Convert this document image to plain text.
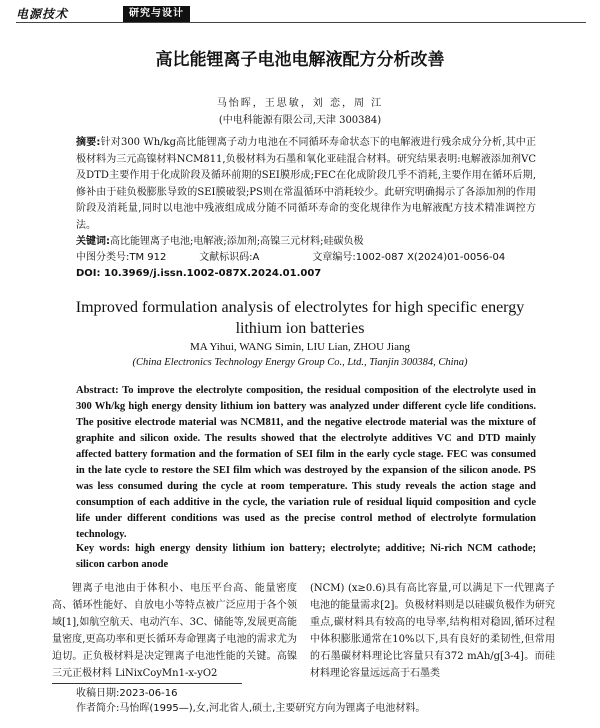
电源技术	研究与设计
高比能锂离子电池电解液配方分析改善
马怡晖，王思敏，刘 恋，周 江
(中电科能源有限公司,天津 300384)
摘要:针对300 Wh/kg高比能锂离子动力电池在不同循环寿命状态下的电解液进行残余成分分析,其中正极材料为三元高镍材料NCM811,负极材料为石墨和氧化亚硅混合材料。研究结果表明:电解液添加剂VC及DTD主要作用于化成阶段及循环前期的SEI膜形成;FEC在化成阶段几乎不消耗,主要作用在循环后期,修补由于硅负极膨胀导致的SEI膜破裂;PS则在常温循环中消耗较少。此研究明确揭示了各添加剂的作用阶段及消耗量,同时以电池中残液组成成分随不同循环寿命的变化规律作为电解液配方技术精准调控方法。
关键词:高比能锂离子电池;电解液;添加剂;高镍三元材料;硅碳负极
中图分类号:TM 912	文献标识码:A	文章编号:1002-087 X(2024)01-0056-04
DOI: 10.3969/j.issn.1002-087X.2024.01.007
Improved formulation analysis of electrolytes for high specific energy lithium ion batteries
MA Yihui, WANG Simin, LIU Lian, ZHOU Jiang
(China Electronics Technology Energy Group Co., Ltd., Tianjin 300384, China)
Abstract: To improve the electrolyte composition, the residual composition of the electrolyte used in 300 Wh/kg high energy density lithium ion battery was analyzed under different cycle life conditions. The positive electrode material was NCM811, and the negative electrode material was the mixture of graphite and silicon oxide. The results showed that the electrolyte additives VC and DTD mainly affected battery formation and the formation of SEI film in the early cycle stage. FEC was consumed in the late cycle to restore the SEI film which was destroyed by the expansion of the silicon anode. PS was less consumed during the cycle at room temperature. This study reveals the action stage and consumption of each additive in the cycle, the variation rule of residual liquid composition and cycle life under different conditions was used as the precise control method of electrolyte formulation technology.
Key words: high energy density lithium ion battery; electrolyte; additive; Ni-rich NCM cathode; silicon carbon anode
锂离子电池由于体积小、电压平台高、能量密度高、循环性能好、自放电小等特点被广泛应用于各个领域[1],如航空航天、电动汽车、3C、储能等,发展更高能量密度,更高功率和更长循环寿命锂离子电池的需求尤为迫切。正负极材料是决定锂离子电池性能的关键。高镍三元正极材料 LiNixCoyMn1-x-yO2
(NCM) (x≥0.6)具有高比容量,可以满足下一代锂离子电池的能量需求[2]。负极材料则是以硅碳负极作为研究重点,碳材料具有较高的电导率,结构相对稳固,循环过程中体积膨胀通常在10%以下,具有良好的柔韧性,但常用的石墨碳材料理论比容量只有372 mAh/g[3-4]。而硅材料理论容量远远高于石墨类
收稿日期:2023-06-16
作者简介:马怡晖(1995—),女,河北省人,硕士,主要研究方向为锂离子电池材料。
